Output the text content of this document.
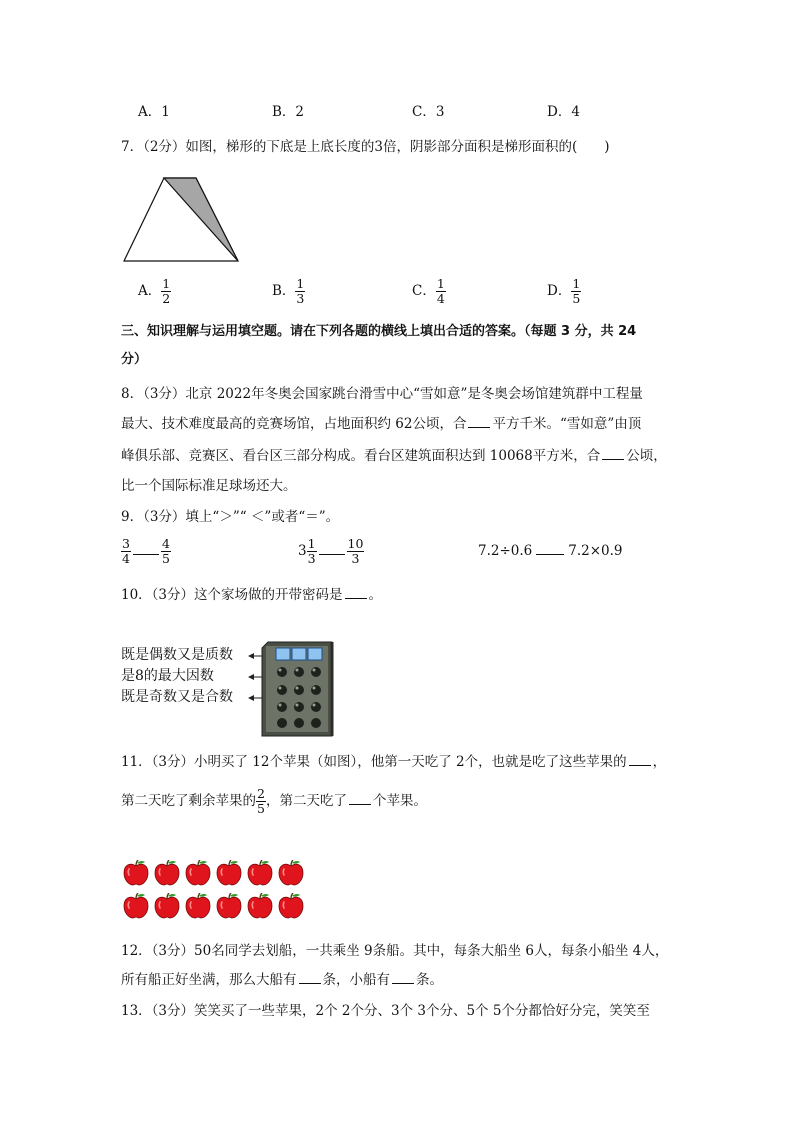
A．1	B．2	C．3	D．4
7．（2分）如图，梯形的下底是上底长度的3倍，阴影部分面积是梯形面积的(　　)
A． $\frac{1}{2}$	B． $\frac{1}{3}$	C． $\frac{1}{4}$	D． $\frac{1}{5}$
三、知识理解与运用填空题。请在下列各题的横线上填出合适的答案。（每题 3 分，共 24
分）
8．（3分）北京 2022年冬奥会国家跳台滑雪中心“雪如意”是冬奥会场馆建筑群中工程量
最大、技术难度最高的竞赛场馆，占地面积约 62公顷，合 平方千米。“雪如意”由顶
峰俱乐部、竞赛区、看台区三部分构成。看台区建筑面积达到 10068平方米，合 公顷，
比一个国际标准足球场还大。
9．（3分）填上“＞”“ ＜”或者“＝”。
$\frac{3}{4} \frac{4}{5}$	$3 \frac{1}{3} \frac{10}{3}$	7.2÷0.6	7.2×0.9
10．（3分）这个家场做的开带密码是 。
既是偶数又是质数
是8的最大因数
既是奇数又是合数
11．（3分）小明买了 12个苹果（如图），他第一天吃了 2个，也就是吃了这些苹果的 ，
第二天吃了剩余苹果的 $\frac{2}{5}$ ，第二天吃了 个苹果。
12．（3分）50名同学去划船，一共乘坐 9条船。其中，每条大船坐 6人，每条小船坐 4人，
所有船正好坐满，那么大船有 条，小船有 条。
13．（3分）笑笑买了一些苹果，2个 2个分、3个 3个分、5个 5个分都恰好分完，笑笑至
